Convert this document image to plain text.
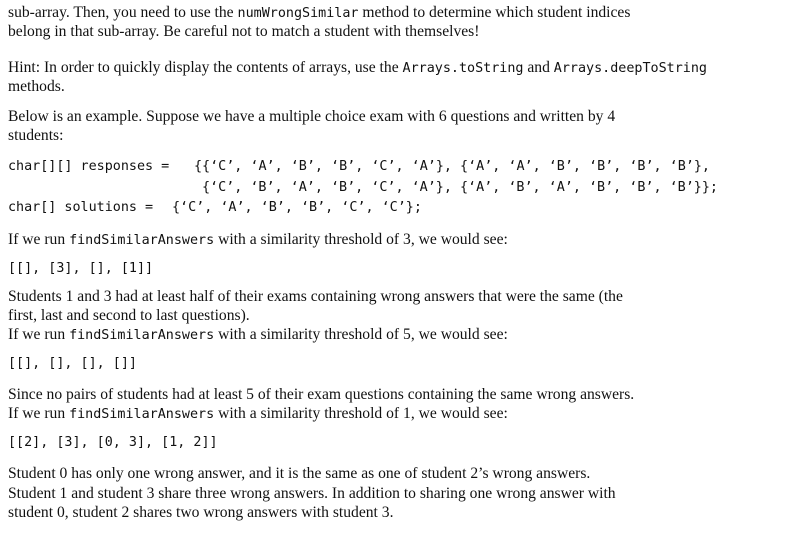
sub-array. Then, you need to use the numWrongSimilar method to determine which student indices
belong in that sub-array. Be careful not to match a student with themselves!
Hint: In order to quickly display the contents of arrays, use the Arrays.toString and Arrays.deepToString
methods.
Below is an example. Suppose we have a multiple choice exam with 6 questions and written by 4
students:
char[][] responses = {{‘C’, ‘A’, ‘B’, ‘B’, ‘C’, ‘A’}, {‘A’, ‘A’, ‘B’, ‘B’, ‘B’, ‘B’},
{‘C’, ‘B’, ‘A’, ‘B’, ‘C’, ‘A’}, {‘A’, ‘B’, ‘A’, ‘B’, ‘B’, ‘B’}};
char[] solutions = {‘C’, ‘A’, ‘B’, ‘B’, ‘C’, ‘C’};
If we run findSimilarAnswers with a similarity threshold of 3, we would see:
[[], [3], [], [1]]
Students 1 and 3 had at least half of their exams containing wrong answers that were the same (the
first, last and second to last questions).
If we run findSimilarAnswers with a similarity threshold of 5, we would see:
[[], [], [], []]
Since no pairs of students had at least 5 of their exam questions containing the same wrong answers.
If we run findSimilarAnswers with a similarity threshold of 1, we would see:
[[2], [3], [0, 3], [1, 2]]
Student 0 has only one wrong answer, and it is the same as one of student 2’s wrong answers.
Student 1 and student 3 share three wrong answers. In addition to sharing one wrong answer with
student 0, student 2 shares two wrong answers with student 3.
